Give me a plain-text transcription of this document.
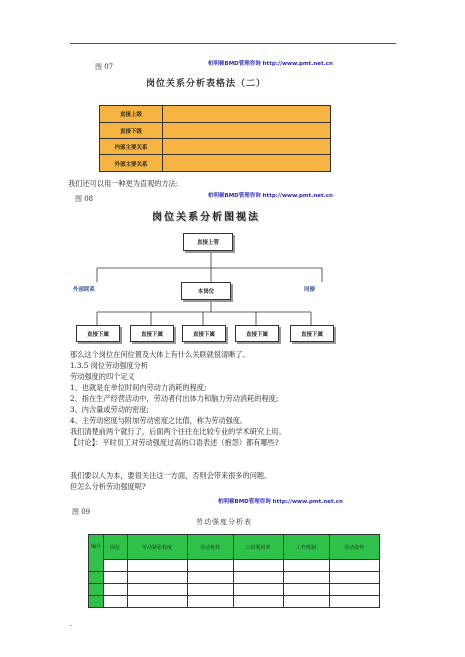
图 07	柏明顿BMD管理咨询 http://www.pmt.net.cn
岗位关系分析表格法（二）
直接上级
直接下级
内部主要关系
外部主要关系
我们还可以用一种更为直观的方法:
图 08	柏明顿BMD管理咨询 http://www.pmt.net.cn
岗位关系分析图视法
直接上管
本岗位
外部联系	同僚
直接下属	直接下属	直接下属	直接下属	直接下属
那么这个岗位在何位置及大体上有什么关联就很清晰了。
1.3.5 岗位劳动强度分析
劳动强度的四个定义
1、也就是在单位时间内劳动力消耗的程度;
2、指在生产经营活动中，劳动者付出体力和脑力劳动消耗的程度;
3、内含量或劳动的密度;
4、主劳动密度与附加劳动密度之比值，称为劳动强度。
我们清楚前两个就行了，后面两个往往在比较专业的学术研究上用。
【讨论】：平时员工对劳动强度过高的口语表述（抱怨）都有哪些?
我们要以人为本，要很关注这一方面，否则会带来很多的问题。
但怎么分析劳动强度呢?
柏明顿BMD管理咨询 http://www.pmt.net.cn
图 09
劳动强度分析表
编号	岗位	劳动紧张程度	劳动负荷	工时利用率	工作班制	劳动姿势
-
